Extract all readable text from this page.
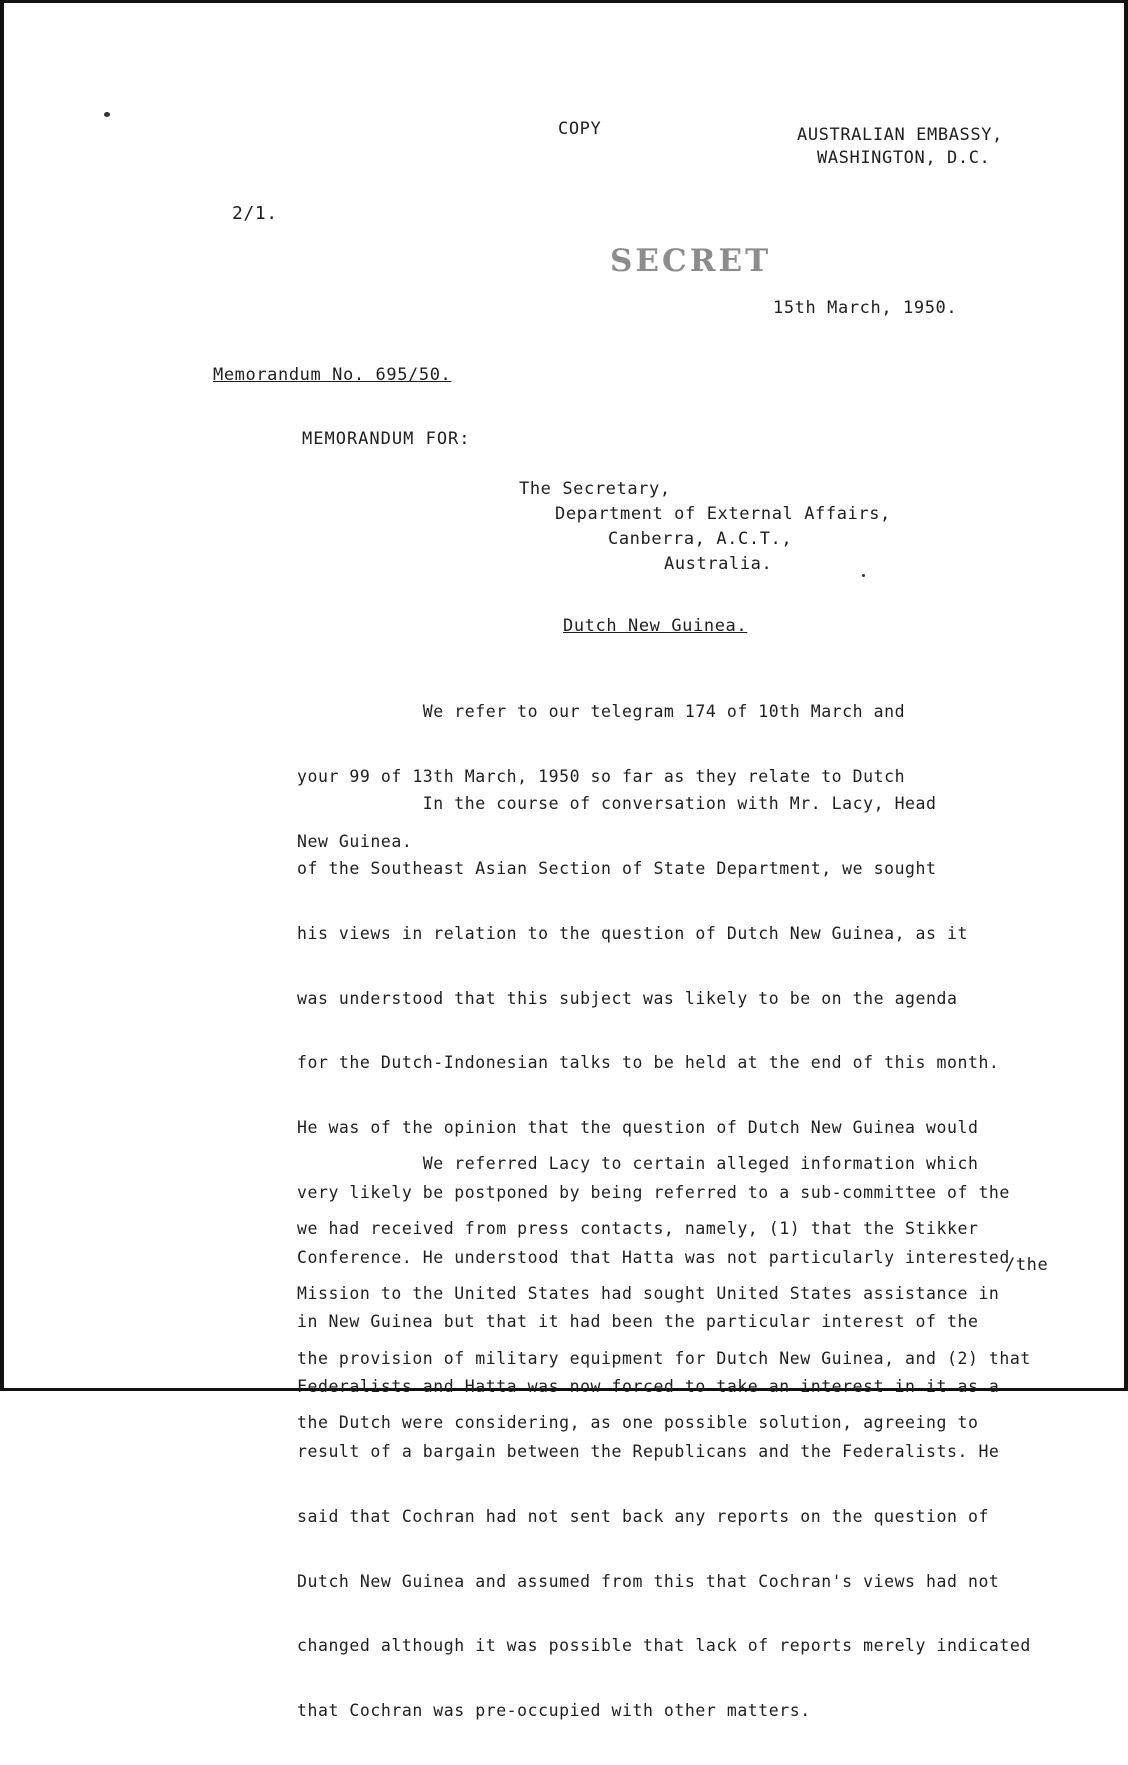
COPY	AUSTRALIAN EMBASSY,
WASHINGTON, D.C.
2/1.
SECRET
15th March, 1950.
Memorandum No. 695/50.
MEMORANDUM FOR:
The Secretary,
Department of External Affairs,
Canberra, A.C.T.,
Australia.
Dutch New Guinea.

We refer to our telegram 174 of 10th March and

your 99 of 13th March, 1950 so far as they relate to Dutch

New Guinea.

In the course of conversation with Mr. Lacy, Head

of the Southeast Asian Section of State Department, we sought

his views in relation to the question of Dutch New Guinea, as it

was understood that this subject was likely to be on the agenda

for the Dutch-Indonesian talks to be held at the end of this month.

He was of the opinion that the question of Dutch New Guinea would

very likely be postponed by being referred to a sub-committee of the

Conference. He understood that Hatta was not particularly interested

in New Guinea but that it had been the particular interest of the

Federalists and Hatta was now forced to take an interest in it as a

result of a bargain between the Republicans and the Federalists. He

said that Cochran had not sent back any reports on the question of

Dutch New Guinea and assumed from this that Cochran's views had not

changed although it was possible that lack of reports merely indicated

that Cochran was pre-occupied with other matters.

We referred Lacy to certain alleged information which

we had received from press contacts, namely, (1) that the Stikker

Mission to the United States had sought United States assistance in

the provision of military equipment for Dutch New Guinea, and (2) that

the Dutch were considering, as one possible solution, agreeing to

/the
